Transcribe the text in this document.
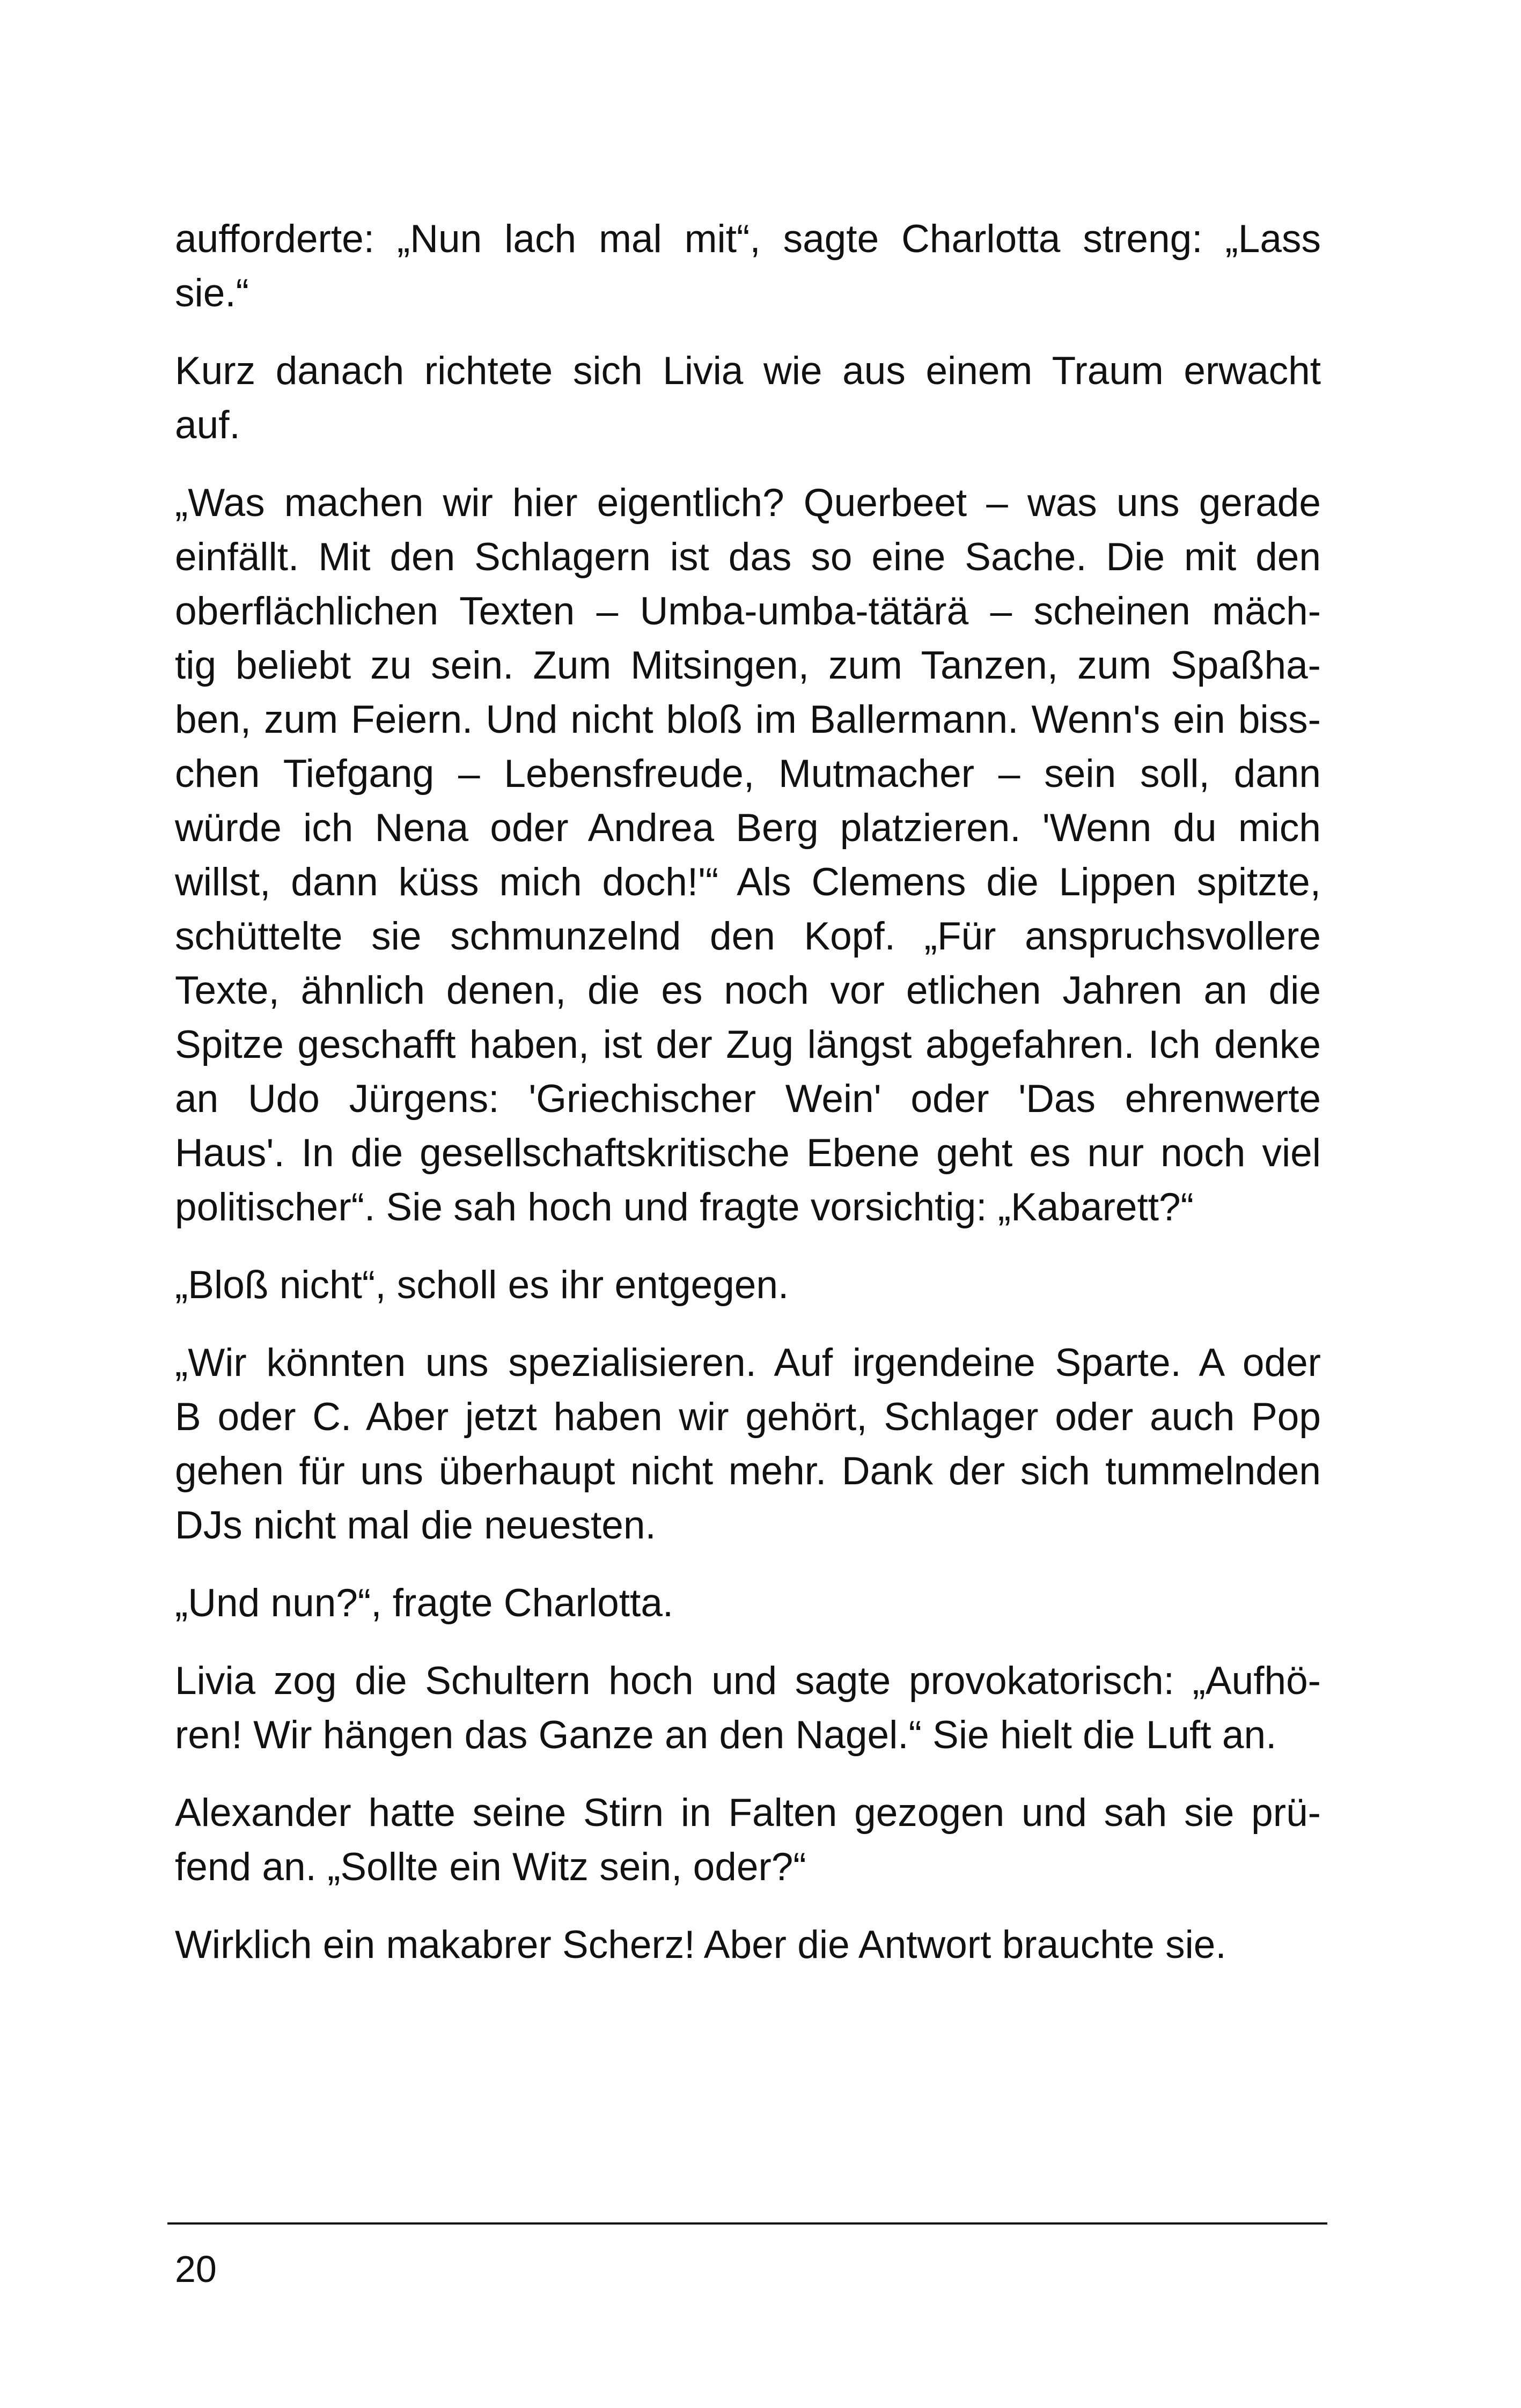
aufforderte: „Nun lach mal mit“, sagte Charlotta streng: „Lass
sie.“

Kurz danach richtete sich Livia wie aus einem Traum erwacht
auf.

„Was machen wir hier eigentlich? Querbeet – was uns gerade
einfällt. Mit den Schlagern ist das so eine Sache. Die mit den
oberflächlichen Texten – Umba-umba-tätärä – scheinen mäch-
tig beliebt zu sein. Zum Mitsingen, zum Tanzen, zum Spaßha-
ben, zum Feiern. Und nicht bloß im Ballermann. Wenn's ein biss-
chen Tiefgang – Lebensfreude, Mutmacher – sein soll, dann
würde ich Nena oder Andrea Berg platzieren. 'Wenn du mich
willst, dann küss mich doch!'“ Als Clemens die Lippen spitzte,
schüttelte sie schmunzelnd den Kopf. „Für anspruchsvollere
Texte, ähnlich denen, die es noch vor etlichen Jahren an die
Spitze geschafft haben, ist der Zug längst abgefahren. Ich denke
an Udo Jürgens: 'Griechischer Wein' oder 'Das ehrenwerte
Haus'. In die gesellschaftskritische Ebene geht es nur noch viel
politischer“. Sie sah hoch und fragte vorsichtig: „Kabarett?“

„Bloß nicht“, scholl es ihr entgegen.

„Wir könnten uns spezialisieren. Auf irgendeine Sparte. A oder
B oder C. Aber jetzt haben wir gehört, Schlager oder auch Pop
gehen für uns überhaupt nicht mehr. Dank der sich tummelnden
DJs nicht mal die neuesten.

„Und nun?“, fragte Charlotta.

Livia zog die Schultern hoch und sagte provokatorisch: „Aufhö-
ren! Wir hängen das Ganze an den Nagel.“ Sie hielt die Luft an.

Alexander hatte seine Stirn in Falten gezogen und sah sie prü-
fend an. „Sollte ein Witz sein, oder?“

Wirklich ein makabrer Scherz! Aber die Antwort brauchte sie.

20
